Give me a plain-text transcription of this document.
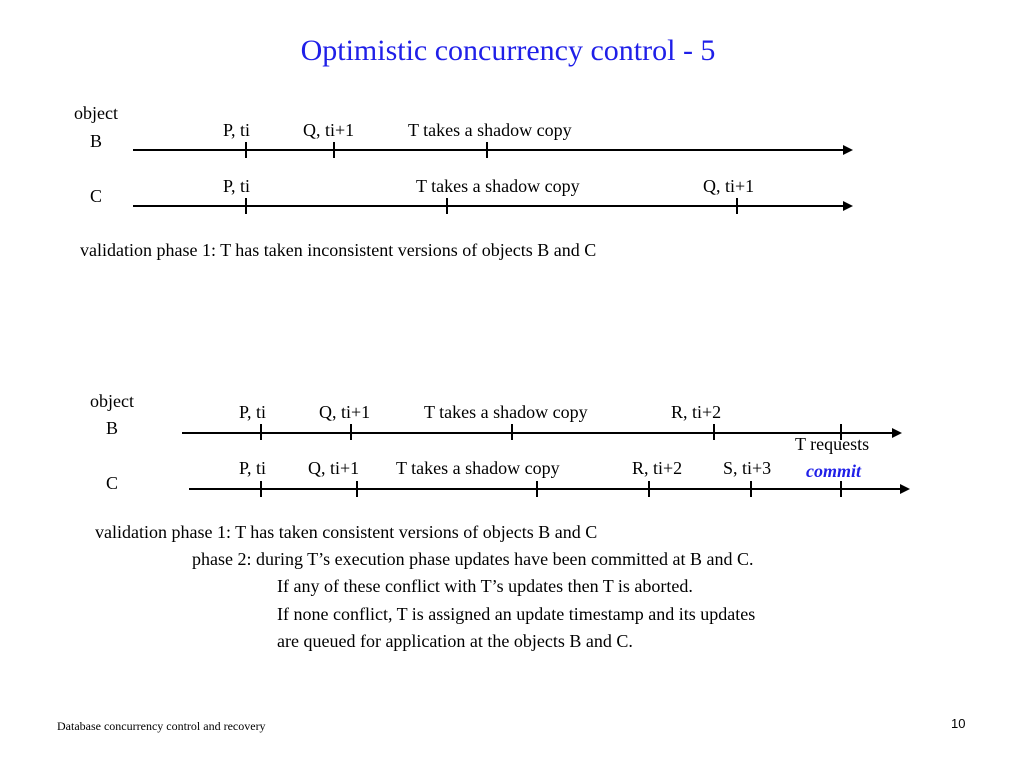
Optimistic concurrency control - 5
object
B
C
P, ti	Q, ti+1	T takes a shadow copy
P, ti	T takes a shadow copy	Q, ti+1
validation phase 1: T has taken inconsistent versions of objects B and C
object
B
C
P, ti	Q, ti+1	T takes a shadow copy	R, ti+2
T requests
commit
P, ti Q, ti+1 T takes a shadow copy	R, ti+2 S, ti+3
validation phase 1: T has taken consistent versions of objects B and C
phase 2: during T’s execution phase updates have been committed at B and C.
If any of these conflict with T’s updates then T is aborted.
If none conflict, T is assigned an update timestamp and its updates
are queued for application at the objects B and C.
Database concurrency control and recovery	10
